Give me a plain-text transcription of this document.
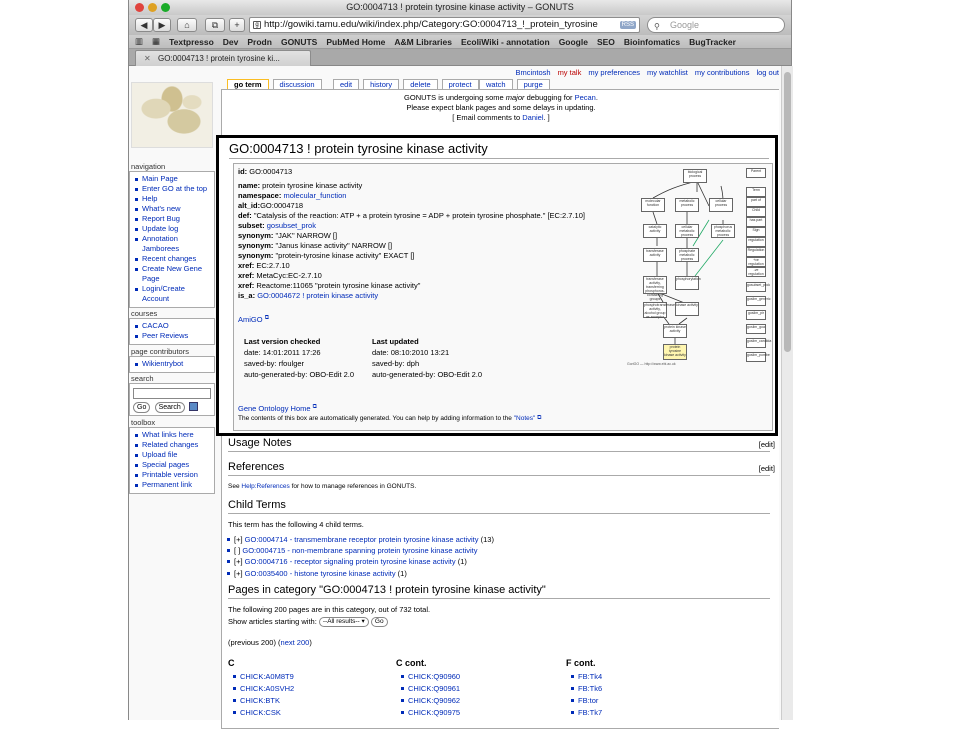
GO:0004713 ! protein tyrosine kinase activity – GONUTS
◀	▶	⌂	⧉	+	g http://gowiki.tamu.edu/wiki/index.php/Category:GO:0004713_!_protein_tyrosine	RSS	⚲ Google
▥ ▦ Textpresso Dev Prodn GONUTS PubMed Home A&M Libraries EcoliWiki - annotation Google SEO Bioinfomatics BugTracker
✕ GO:0004713 ! protein tyrosine ki...
Bmcintosh my talk my preferences my watchlist my contributions log out
go term	discussion	edit	history	delete	protect	watch	purge
navigation
Main Page
Enter GO at the top
Help
What's new
Report Bug
Update log
Annotation
Jamborees
Recent changes
Create New Gene
Page
Login/Create
Account
courses
CACAO
Peer Reviews
page contributors
Wikientrybot
search
Go Search
toolbox
What links here
Related changes
Upload file
Special pages
Printable version
Permanent link
GONUTS is undergoing some major debugging for Pecan.
Please expect blank pages and some delays in updating.
[ Email comments to Daniel. ]
GO:0004713 ! protein tyrosine kinase activity
id: GO:0004713
name: protein tyrosine kinase activity
namespace: molecular_function
alt_id:GO:0004718
def: "Catalysis of the reaction: ATP + a protein tyrosine = ADP + protein tyrosine phosphate." [EC:2.7.10]
subset: gosubset_prok
synonym: "JAK" NARROW []
synonym: "Janus kinase activity" NARROW []
synonym: "protein-tyrosine kinase activity" EXACT []
xref: EC:2.7.10
xref: MetaCyc:EC-2.7.10
xref: Reactome:11065 "protein tyrosine kinase activity"
is_a: GO:0004672 ! protein kinase activity
AmiGO ⧉
Last version checked
date: 14:01:2011 17:26
saved-by: rfoulger
auto-generated-by: OBO-Edit 2.0
Last updated
date: 08:10:2010 13:21
saved-by: dph
auto-generated-by: OBO-Edit 2.0
Gene Ontology Home ⧉
The contents of this box are automatically generated. You can help by adding information to the "Notes" ⧉
biological process
molecular function
metabolic process
cellular process
catalytic activity
cellular metabolic process
phosphorus metabolic process
transferase activity
phosphate metabolic process
transferase activity, transferring phosphorus-containing groups
phosphorylation
phosphotransferase activity, alcohol group as acceptor
kinase activity
protein kinase activity
protein tyrosine kinase activity
GoriGO — http://www.ebi.ac.uk
Parent
Term
part of
Child
has part
Sign
regulation
Regulation
+ve regulation
-ve regulation
gosubset_prok
goslim_generic
goslim_pir
goslim_goa
goslim_candida
goslim_pombe
Usage Notes	[edit]
References	[edit]
See Help:References for how to manage references in GONUTS.
Child Terms
This term has the following 4 child terms.
[+] GO:0004714 - transmembrane receptor protein tyrosine kinase activity (13)
[ ] GO:0004715 - non-membrane spanning protein tyrosine kinase activity
[+] GO:0004716 - receptor signaling protein tyrosine kinase activity (1)
[+] GO:0035400 - histone tyrosine kinase activity (1)
Pages in category "GO:0004713 ! protein tyrosine kinase activity"
The following 200 pages are in this category, out of 732 total.
Show articles starting with: --All results-- ▾ Go
(previous 200) (next 200)
C
CHICK:A0M8T9
CHICK:A0SVH2
CHICK:BTK
CHICK:CSK
C cont.
CHICK:Q90960
CHICK:Q90961
CHICK:Q90962
CHICK:Q90975
F cont.
FB:Tk4
FB:Tk6
FB:tor
FB:Tk7
